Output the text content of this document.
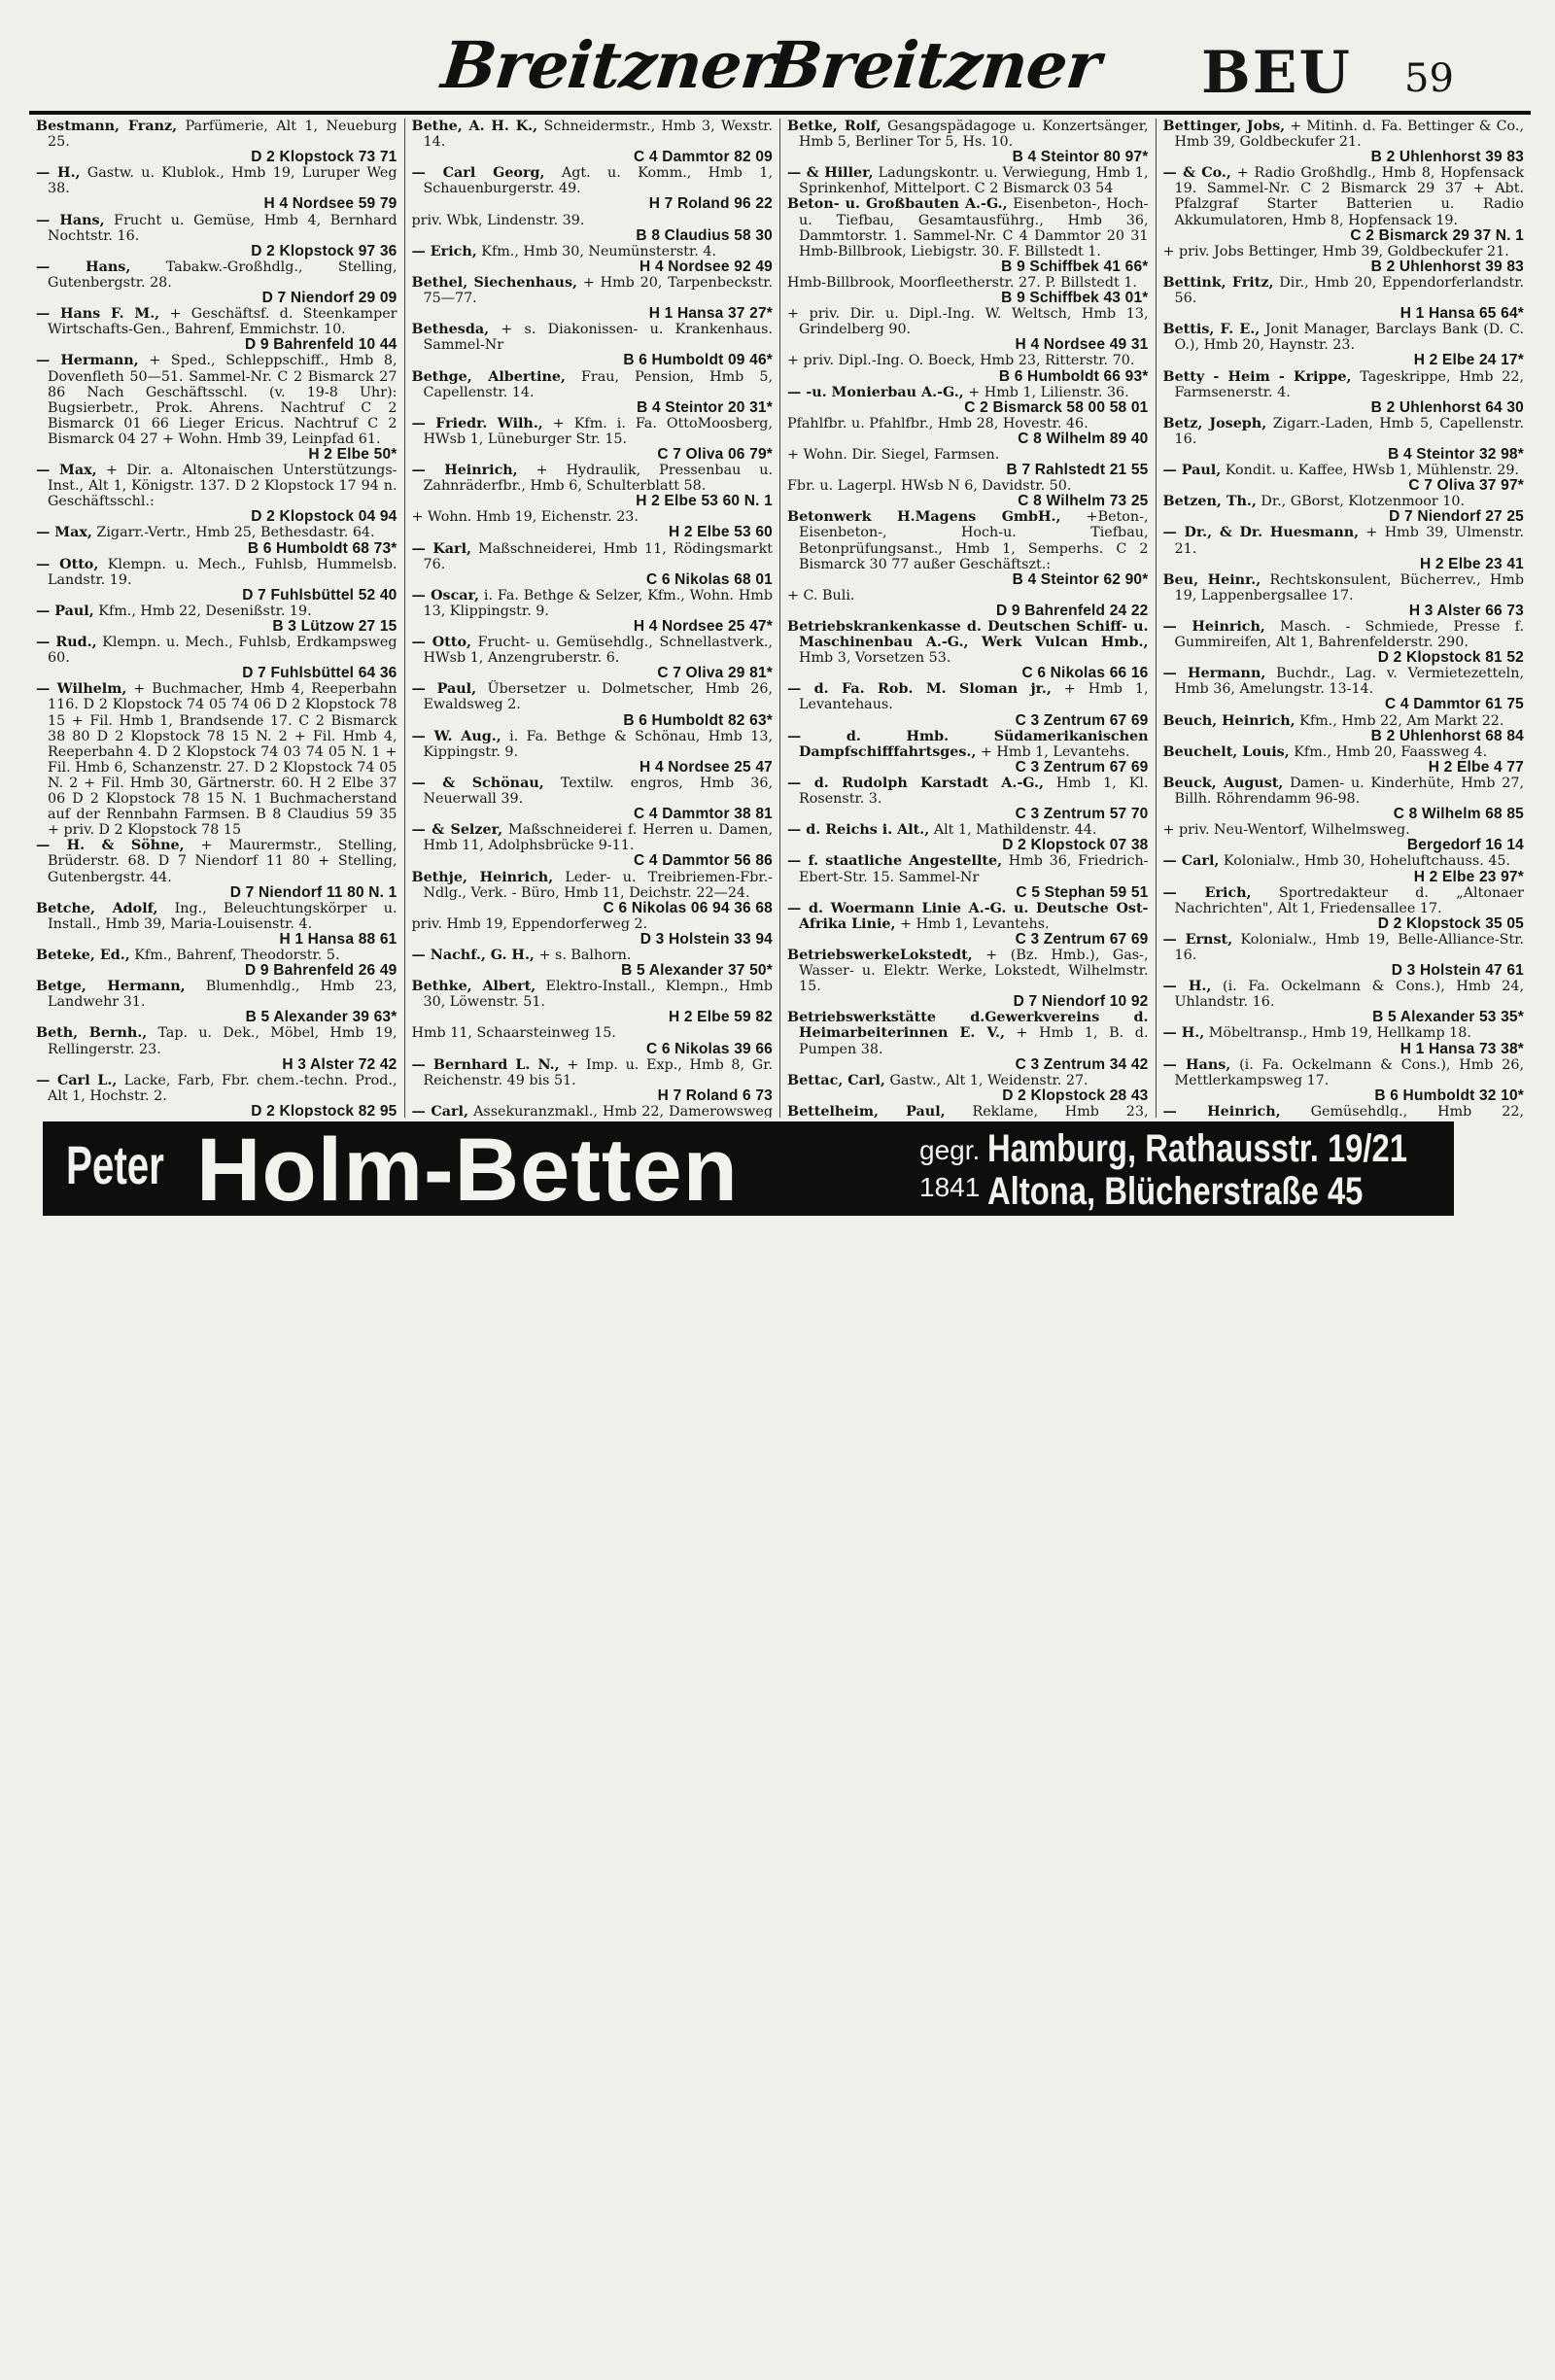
Breitzner
Breitzner BEU 59
Bestmann, Franz, Parfümerie, Alt 1, Neueburg 25.
D 2 Klopstock 73 71
— H., Gastw. u. Klublok., Hmb 19, Luruper Weg 38.
H 4 Nordsee 59 79
— Hans, Frucht u. Gemüse, Hmb 4, Bernhard Nochtstr. 16.
D 2 Klopstock 97 36
— Hans,	Tabakw.-Großhdlg., Stelling, Gutenbergstr. 28.
D 7 Niendorf 29 09
— Hans F. M., + Geschäftsf. d. Steenkamper Wirtschafts-Gen., Bahrenf, Emmichstr. 10.
D 9 Bahrenfeld 10 44
— Hermann, + Sped., Schleppschiff., Hmb 8, Dovenfleth 50—51. Sammel-Nr. C 2 Bismarck 27 86 Nach Geschäftsschl. (v. 19-8 Uhr): Bugsierbetr., Prok. Ahrens. Nachtruf C 2 Bismarck 01 66 Lieger Ericus. Nachtruf C 2 Bismarck 04 27 + Wohn. Hmb 39, Leinpfad 61.
H 2 Elbe 50*
— Max, + Dir. a. Altonaischen Unterstützungs-Inst., Alt 1, Königstr. 137. D 2 Klopstock 17 94 n. Geschäftsschl.:
D 2 Klopstock 04 94
— Max, Zigarr.-Vertr., Hmb 25, Bethesdastr. 64.
B 6 Humboldt 68 73*
— Otto, Klempn. u. Mech., Fuhlsb, Hummelsb. Landstr. 19.
D 7 Fuhlsbüttel 52 40
— Paul, Kfm., Hmb 22, Desenißstr. 19.
B 3 Lützow 27 15
— Rud., Klempn. u. Mech., Fuhlsb, Erdkampsweg 60.
D 7 Fuhlsbüttel 64 36
— Wilhelm, + Buchmacher, Hmb 4, Reeperbahn 116. D 2 Klopstock 74 05 74 06 D 2 Klopstock 78 15 + Fil. Hmb 1, Brandsende 17. C 2 Bismarck 38 80 D 2 Klopstock 78 15 N. 2 + Fil. Hmb 4, Reeperbahn 4. D 2 Klopstock 74 03 74 05 N. 1 + Fil. Hmb 6, Schanzenstr. 27. D 2 Klopstock 74 05 N. 2 + Fil. Hmb 30, Gärtnerstr. 60. H 2 Elbe 37 06 D 2 Klopstock 78 15 N. 1 Buchmacherstand auf der Rennbahn Farmsen. B 8 Claudius 59 35 + priv. D 2 Klopstock 78 15
— H. & Söhne, + Maurermstr., Stelling, Brüderstr. 68. D 7 Niendorf 11 80 + Stelling, Gutenbergstr. 44.
D 7 Niendorf 11 80 N. 1
Betche, Adolf, Ing., Beleuchtungskörper u. Install., Hmb 39, Maria-Louisenstr. 4.
H 1 Hansa 88 61
Beteke, Ed., Kfm., Bahrenf, Theodorstr. 5.
D 9 Bahrenfeld 26 49
Betge, Hermann, Blumenhdlg., Hmb 23, Landwehr 31.
B 5 Alexander 39 63*
Beth, Bernh., Tap. u. Dek., Möbel, Hmb 19, Rellingerstr. 23.
H 3 Alster 72 42
— Carl L., Lacke, Farb, Fbr. chem.-techn. Prod., Alt 1, Hochstr. 2.
D 2 Klopstock 82 95
Bethe, A. H. K., Schneidermstr., Hmb 3, Wexstr. 14.
C 4 Dammtor 82 09
— Carl Georg, Agt. u. Komm., Hmb 1, Schauenburgerstr. 49.
H 7 Roland 96 22
priv. Wbk, Lindenstr. 39.
B 8 Claudius 58 30
— Erich, Kfm., Hmb 30, Neumünsterstr. 4.
H 4 Nordsee 92 49
Bethel, Siechenhaus, + Hmb 20, Tarpenbeckstr. 75—77.
H 1 Hansa 37 27*
Bethesda, + s. Diakonissen- u. Krankenhaus. Sammel-Nr
B 6 Humboldt 09 46*
Bethge, Albertine, Frau, Pension, Hmb 5, Capellenstr. 14.
B 4 Steintor 20 31*
— Friedr. Wilh., + Kfm. i. Fa. OttoMoosberg, HWsb 1, Lüneburger Str. 15.
C 7 Oliva 06 79*
— Heinrich, + Hydraulik, Pressenbau u. Zahnräderfbr., Hmb 6, Schulterblatt 58.
H 2 Elbe 53 60 N. 1
+ Wohn. Hmb 19, Eichenstr. 23.
H 2 Elbe 53 60
— Karl, Maßschneiderei, Hmb 11, Rödingsmarkt 76.
C 6 Nikolas 68 01
— Oscar, i. Fa. Bethge & Selzer, Kfm., Wohn. Hmb 13, Klippingstr. 9.
H 4 Nordsee 25 47*
— Otto, Frucht- u. Gemüsehdlg., Schnellastverk., HWsb 1, Anzengruberstr. 6.
C 7 Oliva 29 81*
— Paul, Übersetzer u. Dolmetscher, Hmb 26, Ewaldsweg 2.
B 6 Humboldt 82 63*
— W. Aug., i. Fa. Bethge & Schönau, Hmb 13, Kippingstr. 9.
H 4 Nordsee 25 47
— & Schönau, Textilw. engros, Hmb 36, Neuerwall 39.
C 4 Dammtor 38 81
— & Selzer, Maßschneiderei f. Herren u. Damen, Hmb 11, Adolphsbrücke 9-11.
C 4 Dammtor 56 86
Bethje, Heinrich, Leder- u. Treibriemen-Fbr.-Ndlg., Verk. - Büro, Hmb 11, Deichstr. 22—24.
C 6 Nikolas 06 94 36 68
priv. Hmb 19, Eppendorferweg 2.
D 3 Holstein 33 94
— Nachf., G. H., + s. Balhorn.
B 5 Alexander 37 50*
Bethke, Albert, Elektro-Install., Klempn., Hmb 30, Löwenstr. 51.
H 2 Elbe 59 82
Hmb 11, Schaarsteinweg 15.
C 6 Nikolas 39 66
— Bernhard L. N., + Imp. u. Exp., Hmb 8, Gr. Reichenstr. 49 bis 51.
H 7 Roland 6 73
— Carl, Assekuranzmakl., Hmb 22, Damerowsweg
Betke, Rolf, Gesangspädagoge u. Konzertsänger, Hmb 5, Berliner Tor 5, Hs. 10.
B 4 Steintor 80 97*
— & Hiller, Ladungskontr. u. Verwiegung, Hmb 1, Sprinkenhof, Mittelport. C 2 Bismarck 03 54
Beton- u. Großbauten A.-G., Eisenbeton-, Hoch- u. Tiefbau, Gesamtausführg., Hmb 36, Dammtorstr. 1. Sammel-Nr. C 4 Dammtor 20 31 Hmb-Billbrook, Liebigstr. 30. F. Billstedt 1.
B 9 Schiffbek 41 66*
Hmb-Billbrook, Moorfleetherstr. 27. P. Billstedt 1.
B 9 Schiffbek 43 01*
+ priv. Dir. u. Dipl.-Ing. W. Weltsch, Hmb 13, Grindelberg 90.
H 4 Nordsee 49 31
+ priv. Dipl.-Ing. O. Boeck, Hmb 23, Ritterstr. 70.
B 6 Humboldt 66 93*
— -u. Monierbau A.-G., + Hmb 1, Lilienstr. 36.
C 2 Bismarck 58 00 58 01
Pfahlfbr. u. Pfahlfbr., Hmb 28, Hovestr. 46.
C 8 Wilhelm 89 40
+ Wohn. Dir. Siegel, Farmsen.
B 7 Rahlstedt 21 55
Fbr. u. Lagerpl. HWsb N 6, Davidstr. 50.
C 8 Wilhelm 73 25
Betonwerk H.Magens GmbH., +Beton-, Eisenbeton-, Hoch-u. Tiefbau, Betonprüfungsanst., Hmb 1, Semperhs. C 2 Bismarck 30 77 außer Geschäftszt.:
B 4 Steintor 62 90*
+ C. Buli.
D 9 Bahrenfeld 24 22
Betriebskrankenkasse d. Deutschen Schiff- u. Maschinenbau A.-G., Werk Vulcan Hmb., Hmb 3, Vorsetzen 53.
C 6 Nikolas 66 16
— d. Fa. Rob. M. Sloman jr., + Hmb 1, Levantehaus.
C 3 Zentrum 67 69
— d. Hmb. Südamerikanischen Dampfschifffahrtsges., + Hmb 1, Levantehs.
C 3 Zentrum 67 69
— d. Rudolph Karstadt A.-G., Hmb 1, Kl. Rosenstr. 3.
C 3 Zentrum 57 70
— d. Reichs i. Alt., Alt 1, Mathildenstr. 44.
D 2 Klopstock 07 38
— f. staatliche Angestellte, Hmb 36, Friedrich-Ebert-Str. 15. Sammel-Nr
C 5 Stephan 59 51
— d. Woermann Linie A.-G. u. Deutsche Ost-Afrika Linie, + Hmb 1, Levantehs.
C 3 Zentrum 67 69
BetriebswerkeLokstedt, + (Bz. Hmb.), Gas-, Wasser- u. Elektr. Werke, Lokstedt, Wilhelmstr. 15.
D 7 Niendorf 10 92
Betriebswerkstätte d.Gewerkvereins d. Heimarbeiterinnen E. V., + Hmb 1, B. d. Pumpen 38.
C 3 Zentrum 34 42
Bettac, Carl, Gastw., Alt 1, Weidenstr. 27.
D 2 Klopstock 28 43
Bettelheim, Paul, Reklame, Hmb 23,
Bettinger, Jobs, + Mitinh. d. Fa. Bettinger & Co., Hmb 39, Goldbeckufer 21.
B 2 Uhlenhorst 39 83
— & Co., + Radio Großhdlg., Hmb 8, Hopfensack 19. Sammel-Nr. C 2 Bismarck 29 37 + Abt. Pfalzgraf Starter Batterien u. Radio Akkumulatoren, Hmb 8, Hopfensack 19.
C 2 Bismarck 29 37 N. 1
+ priv. Jobs Bettinger, Hmb 39, Goldbeckufer 21.
B 2 Uhlenhorst 39 83
Bettink, Fritz, Dir., Hmb 20, Eppendorferlandstr. 56.
H 1 Hansa 65 64*
Bettis, F. E., Jonit Manager, Barclays Bank (D. C. O.), Hmb 20, Haynstr. 23.
H 2 Elbe 24 17*
Betty - Heim - Krippe, Tageskrippe, Hmb 22, Farmsenerstr. 4.
B 2 Uhlenhorst 64 30
Betz, Joseph, Zigarr.-Laden, Hmb 5, Capellenstr. 16.
B 4 Steintor 32 98*
— Paul, Kondit. u. Kaffee, HWsb 1, Mühlenstr. 29.
C 7 Oliva 37 97*
Betzen, Th., Dr., GBorst, Klotzenmoor 10.
D 7 Niendorf 27 25
— Dr., & Dr. Huesmann, + Hmb 39, Ulmenstr. 21.
H 2 Elbe 23 41
Beu, Heinr., Rechtskonsulent, Bücherrev., Hmb 19, Lappenbergsallee 17.
H 3 Alster 66 73
— Heinrich, Masch. - Schmiede, Presse f. Gummireifen, Alt 1, Bahrenfelderstr. 290.
D 2 Klopstock 81 52
— Hermann, Buchdr., Lag. v. Vermietezetteln, Hmb 36, Amelungstr. 13-14.
C 4 Dammtor 61 75
Beuch, Heinrich, Kfm., Hmb 22, Am Markt 22.
B 2 Uhlenhorst 68 84
Beuchelt, Louis, Kfm., Hmb 20, Faassweg 4.
H 2 Elbe 4 77
Beuck, August, Damen- u. Kinderhüte, Hmb 27, Billh. Röhrendamm 96-98.
C 8 Wilhelm 68 85
+ priv. Neu-Wentorf, Wilhelmsweg.
Bergedorf 16 14
— Carl, Kolonialw., Hmb 30, Hoheluftchauss. 45.
H 2 Elbe 23 97*
— Erich, Sportredakteur d. „Altonaer Nachrichten", Alt 1, Friedensallee 17.
D 2 Klopstock 35 05
— Ernst, Kolonialw., Hmb 19, Belle-Alliance-Str. 16.
D 3 Holstein 47 61
— H., (i. Fa. Ockelmann & Cons.), Hmb 24, Uhlandstr. 16.
B 5 Alexander 53 35*
— H., Möbeltransp., Hmb 19, Hellkamp 18.
H 1 Hansa 73 38*
— Hans, (i. Fa. Ockelmann & Cons.), Hmb 26, Mettlerkampsweg 17.
B 6 Humboldt 32 10*
— Heinrich, Gemüsehdlg., Hmb 22,
Peter Holm-Betten	gegr.
1841
Hamburg, Rathausstr. 19/21
Altona, Blücherstraße 45
